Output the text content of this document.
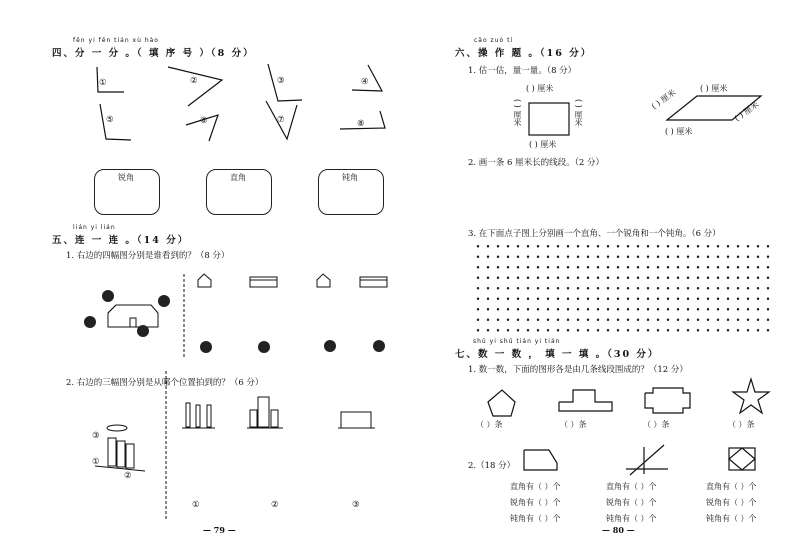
fēn yi fēn tián xù hào
四、分 一 分 。（ 填 序 号 ）（8 分）
①	②	③	④
⑤	⑥	⑦	⑧
锐角	直角	钝角
lián yi lián
五、连 一 连 。（14 分）
1. 右边的四幅图分别是谁看到的？（8 分）
2. 右边的三幅图分别是从哪个位置拍到的？（6 分）
③
①
②
①	②	③
— 79 —
cāo zuò tí
六、操 作 题 。（16 分）
1. 估一估，量一量。（8 分）
( ) 厘米
( ) 厘米	( ) 厘米
( ) 厘米
( ) 厘米
( ) 厘米
( ) 厘米
( ) 厘米
2. 画一条 6 厘米长的线段。（2 分）
3. 在下面点子图上分别画一个直角、一个锐角和一个钝角。（6 分）
shǔ yi shǔ tián yi tián
七、数 一 数 ， 填 一 填 。（30 分）
1. 数一数，下面的图形各是由几条线段围成的？（12 分）
（ ）条	（ ）条	（ ）条	（ ）条
2.（18 分）
直角有（ ）个
锐角有（ ）个
钝角有（ ）个
直角有（ ）个
锐角有（ ）个
钝角有（ ）个
直角有（ ）个
锐角有（ ）个
钝角有（ ）个
— 80 —
